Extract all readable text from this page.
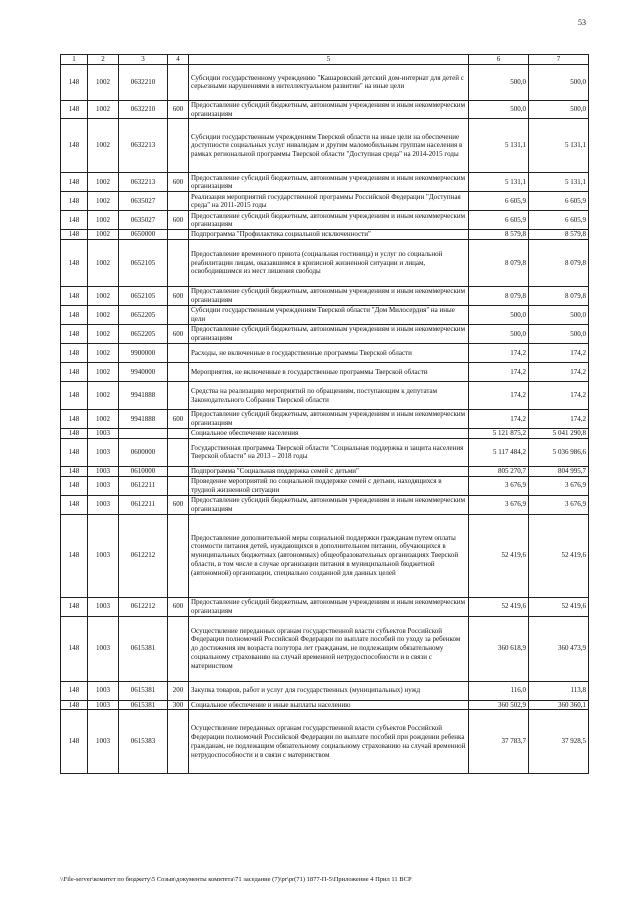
53
1	2	3	4	5	6	7
148	1002	0632210		Субсидии государственному учреждению "Кашаровский детский дом-интернат для детей с серьезными нарушениями в интеллектуальном развитии" на иные цели	500,0	500,0
148	1002	0632210	600	Предоставление субсидий бюджетным, автономным учреждениям и иным некоммерческим организациям	500,0	500,0
148	1002	0632213		Субсидии государственным учреждениям Тверской области на иные цели на обеспечение доступности социальных услуг инвалидам и другим маломобильным группам населения в рамках региональной программы Тверской области "Доступная среда" на 2014-2015 годы	5 131,1	5 131,1
148	1002	0632213	600	Предоставление субсидий бюджетным, автономным учреждениям и иным некоммерческим организациям	5 131,1	5 131,1
148	1002	0635027		Реализация мероприятий государственной программы Российской Федерации "Доступная среда" на 2011-2015 годы	6 605,9	6 605,9
148	1002	0635027	600	Предоставление субсидий бюджетным, автономным учреждениям и иным некоммерческим организациям	6 605,9	6 605,9
148	1002	0650000		Подпрограмма "Профилактика социальной исключенности"	8 579,8	8 579,8
148	1002	0652105		Предоставление временного приюта (социальная гостиница) и услуг по социальной реабилитации лицам, оказавшимся в кризисной жизненной ситуации и лицам, освободившимся из мест лишения свободы	8 079,8	8 079,8
148	1002	0652105	600	Предоставление субсидий бюджетным, автономным учреждениям и иным некоммерческим организациям	8 079,8	8 079,8
148	1002	0652205		Субсидии государственным учреждениям Тверской области "Дом Милосердия" на иные цели	500,0	500,0
148	1002	0652205	600	Предоставление субсидий бюджетным, автономным учреждениям и иным некоммерческим организациям	500,0	500,0
148	1002	9900000		Расходы, не включенные в государственные программы Тверской области	174,2	174,2
148	1002	9940000		Мероприятия, не включенные в государственные программы Тверской области	174,2	174,2
148	1002	9941888		Средства на реализацию мероприятий по обращениям, поступающим к депутатам Законодательного Собрания Тверской области	174,2	174,2
148	1002	9941888	600	Предоставление субсидий бюджетным, автономным учреждениям и иным некоммерческим организациям	174,2	174,2
148	1003			Социальное обеспечение населения	5 121 875,2	5 041 290,8
148	1003	0600000		Государственная программа Тверской области "Социальная поддержка и защита населения Тверской области" на 2013 – 2018 годы	5 117 484,2	5 036 986,6
148	1003	0610000		Подпрограмма "Социальная поддержка семей с детьми"	805 270,7	804 995,7
148	1003	0612211		Проведение мероприятий по социальной поддержке семей с детьми, находящихся в трудной жизненной ситуации	3 676,9	3 676,9
148	1003	0612211	600	Предоставление субсидий бюджетным, автономным учреждениям и иным некоммерческим организациям	3 676,9	3 676,9
148	1003	0612212		Предоставление дополнительной меры социальной поддержки гражданам путем оплаты стоимости питания детей, нуждающихся в дополнительном питании, обучающихся в муниципальных бюджетных (автономных) общеобразовательных организациях Тверской области, в том числе в случае организации питания в муниципальной бюджетной (автономной) организации, специально созданной для данных целей	52 419,6	52 419,6
148	1003	0612212	600	Предоставление субсидий бюджетным, автономным учреждениям и иным некоммерческим организациям	52 419,6	52 419,6
148	1003	0615381		Осуществление переданных органам государственной власти субъектов Российской Федерации полномочий Российской Федерации по выплате пособий по уходу за ребенком до достижения им возраста полутора лет гражданам, не подлежащим обязательному социальному страхованию на случай временной нетрудоспособности и в связи с материнством	360 618,9	360 473,9
148	1003	0615381	200	Закупка товаров, работ и услуг для государственных (муниципальных) нужд	116,0	113,8
148	1003	0615381	300	Социальное обеспечение и иные выплаты населению	360 502,9	360 360,1
148	1003	0615383		Осуществление переданных органам государственной власти субъектов Российской Федерации полномочий Российской Федерации по выплате пособий при рождении ребенка гражданам, не подлежащим обязательному социальному страхованию на случай временной нетрудоспособности и в связи с материнством	37 783,7	37 928,5
\\File-server\комитет по бюджету\5 Созыв\документы комитета\71 заседание (7)\pr\pr(71) 1877-П-5\Приложение 4 Прил 11 ВСР
